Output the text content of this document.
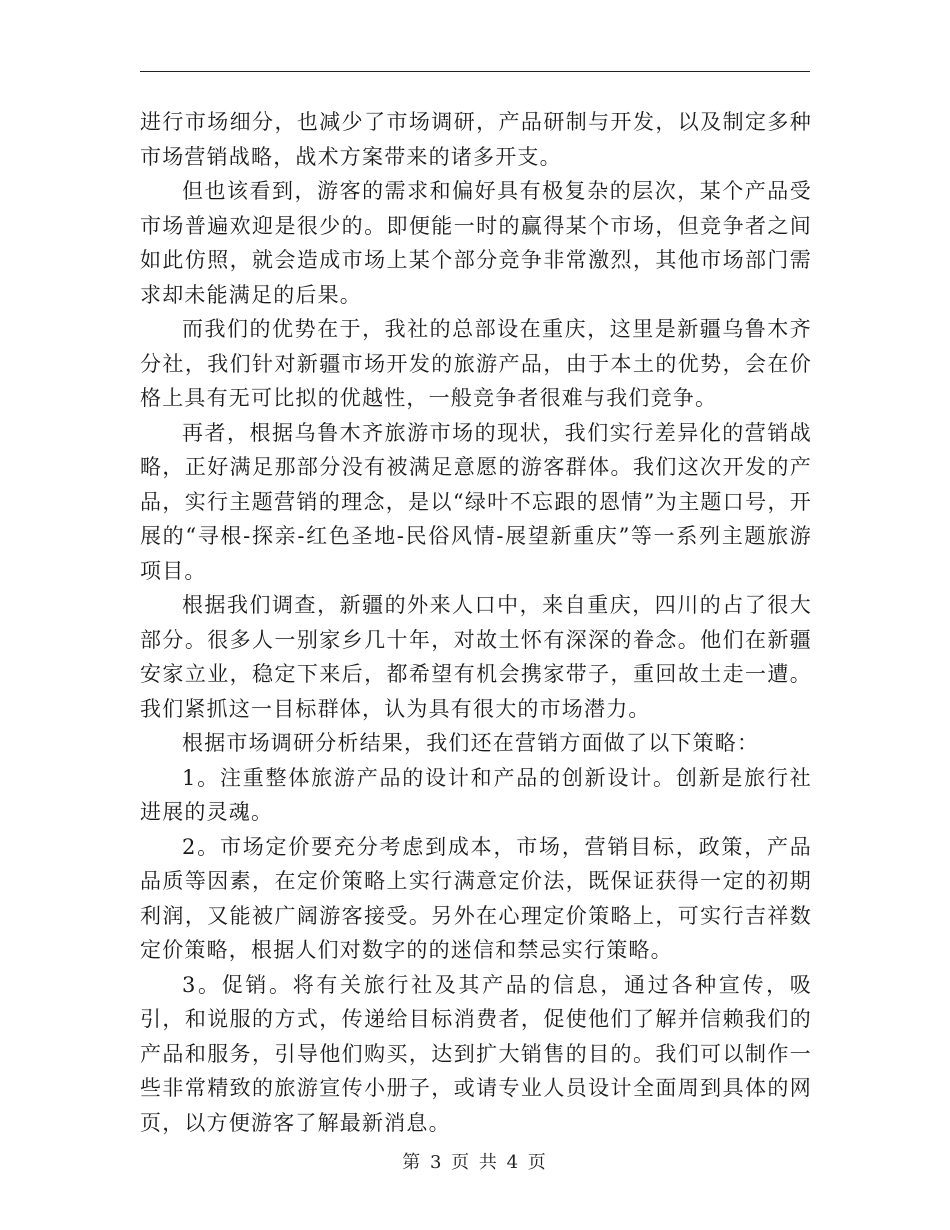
进行市场细分，也减少了市场调研，产品研制与开发，以及制定多种市场营销战略，战术方案带来的诸多开支。

但也该看到，游客的需求和偏好具有极复杂的层次，某个产品受市场普遍欢迎是很少的。即便能一时的赢得某个市场，但竞争者之间如此仿照，就会造成市场上某个部分竞争非常激烈，其他市场部门需求却未能满足的后果。

而我们的优势在于，我社的总部设在重庆，这里是新疆乌鲁木齐分社，我们针对新疆市场开发的旅游产品，由于本土的优势，会在价格上具有无可比拟的优越性，一般竞争者很难与我们竞争。

再者，根据乌鲁木齐旅游市场的现状，我们实行差异化的营销战略，正好满足那部分没有被满足意愿的游客群体。我们这次开发的产品，实行主题营销的理念，是以“绿叶不忘跟的恩情”为主题口号，开展的“寻根-探亲-红色圣地-民俗风情-展望新重庆”等一系列主题旅游项目。

根据我们调查，新疆的外来人口中，来自重庆，四川的占了很大部分。很多人一别家乡几十年，对故土怀有深深的眷念。他们在新疆安家立业，稳定下来后，都希望有机会携家带子，重回故土走一遭。我们紧抓这一目标群体，认为具有很大的市场潜力。

根据市场调研分析结果，我们还在营销方面做了以下策略：

1。注重整体旅游产品的设计和产品的创新设计。创新是旅行社进展的灵魂。

2。市场定价要充分考虑到成本，市场，营销目标，政策，产品品质等因素，在定价策略上实行满意定价法，既保证获得一定的初期利润，又能被广阔游客接受。另外在心理定价策略上，可实行吉祥数定价策略，根据人们对数字的的迷信和禁忌实行策略。

3。促销。将有关旅行社及其产品的信息，通过各种宣传，吸引，和说服的方式，传递给目标消费者，促使他们了解并信赖我们的产品和服务，引导他们购买，达到扩大销售的目的。我们可以制作一些非常精致的旅游宣传小册子，或请专业人员设计全面周到具体的网页，以方便游客了解最新消息。

第 3 页 共 4 页
